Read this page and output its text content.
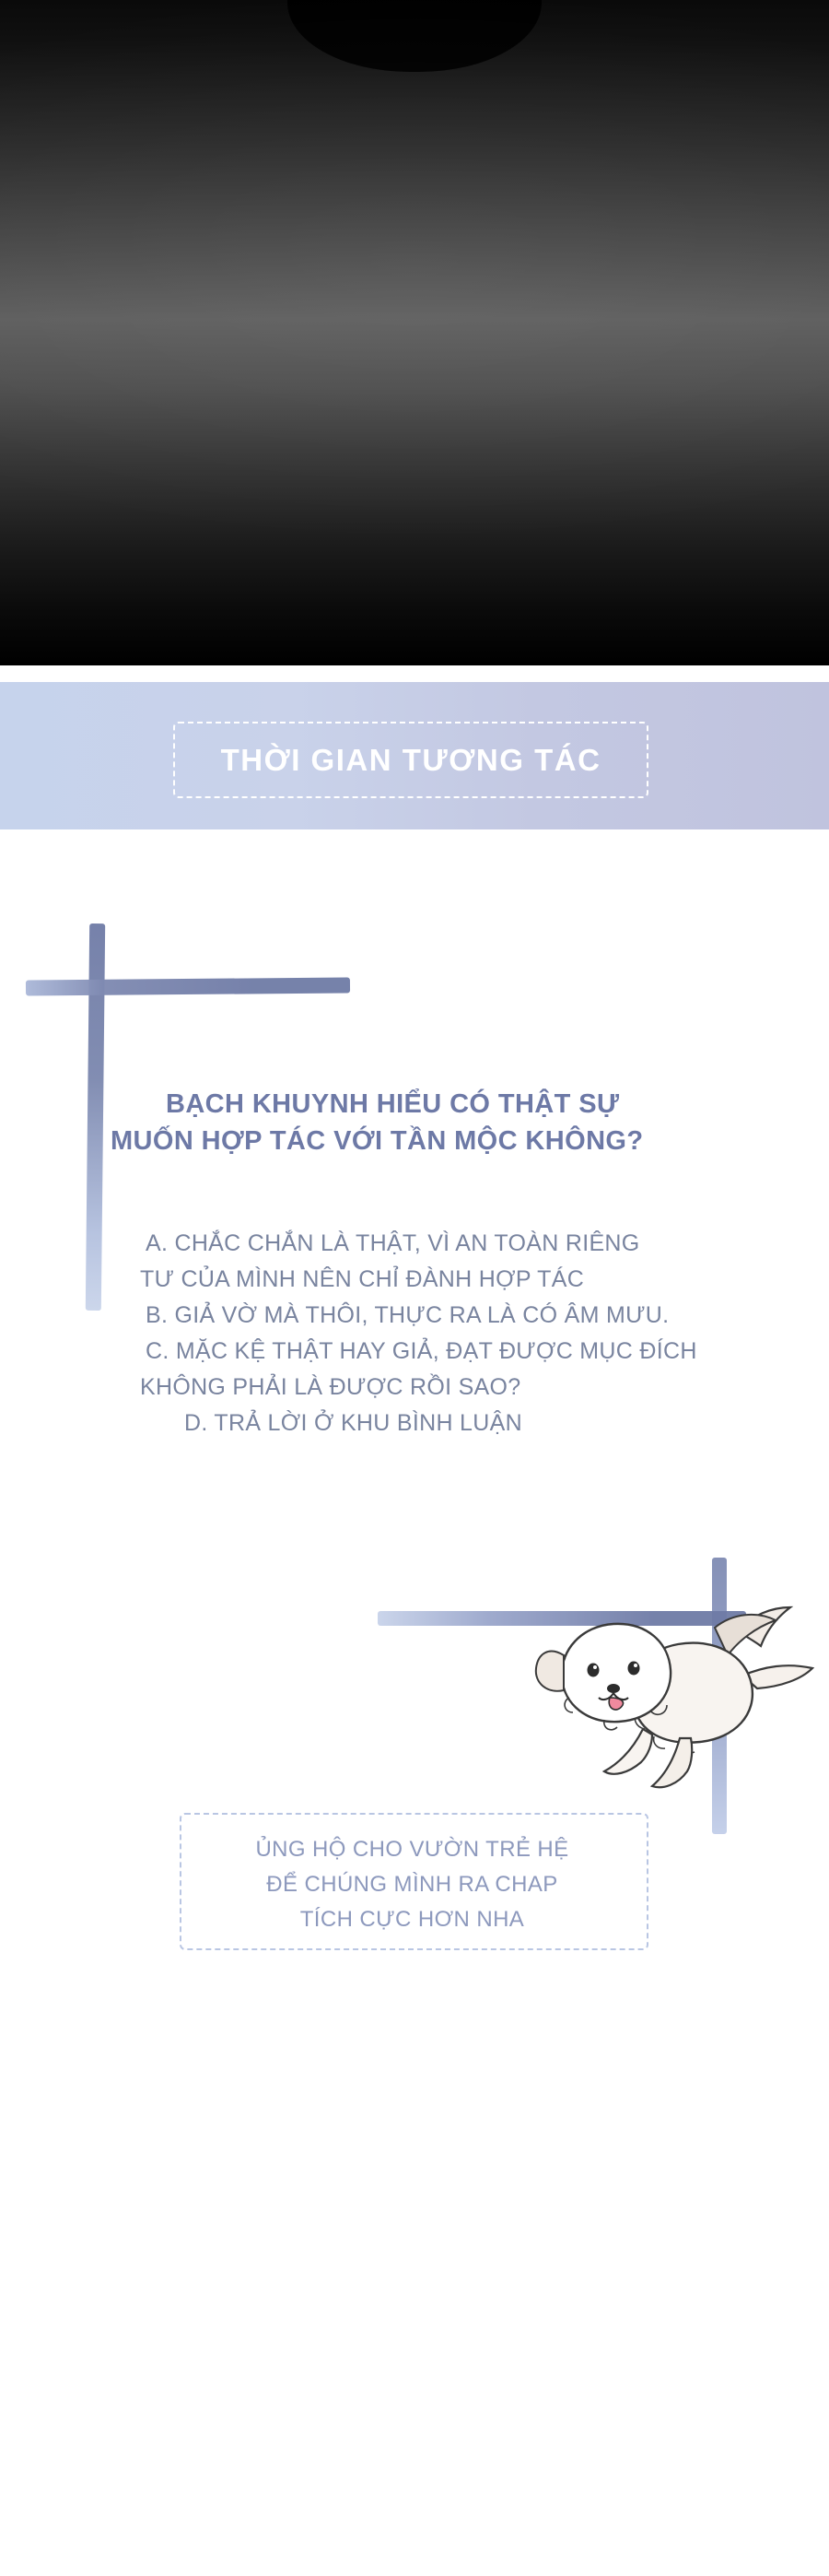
THỜI GIAN TƯƠNG TÁC
BẠCH KHUYNH HIỂU CÓ THẬT SỰ
MUỐN HỢP TÁC VỚI TẦN MỘC KHÔNG?
A. CHẮC CHẮN LÀ THẬT, VÌ AN TOÀN RIÊNG
TƯ CỦA MÌNH NÊN CHỈ ĐÀNH HỢP TÁC
B. GIẢ VỜ MÀ THÔI, THỰC RA LÀ CÓ ÂM MƯU.
C. MẶC KỆ THẬT HAY GIẢ, ĐẠT ĐƯỢC MỤC ĐÍCH
KHÔNG PHẢI LÀ ĐƯỢC RỒI SAO?
D. TRẢ LỜI Ở KHU BÌNH LUẬN
ỦNG HỘ CHO VƯỜN TRẺ HỆ
ĐỂ CHÚNG MÌNH RA CHAP
TÍCH CỰC HƠN NHA
